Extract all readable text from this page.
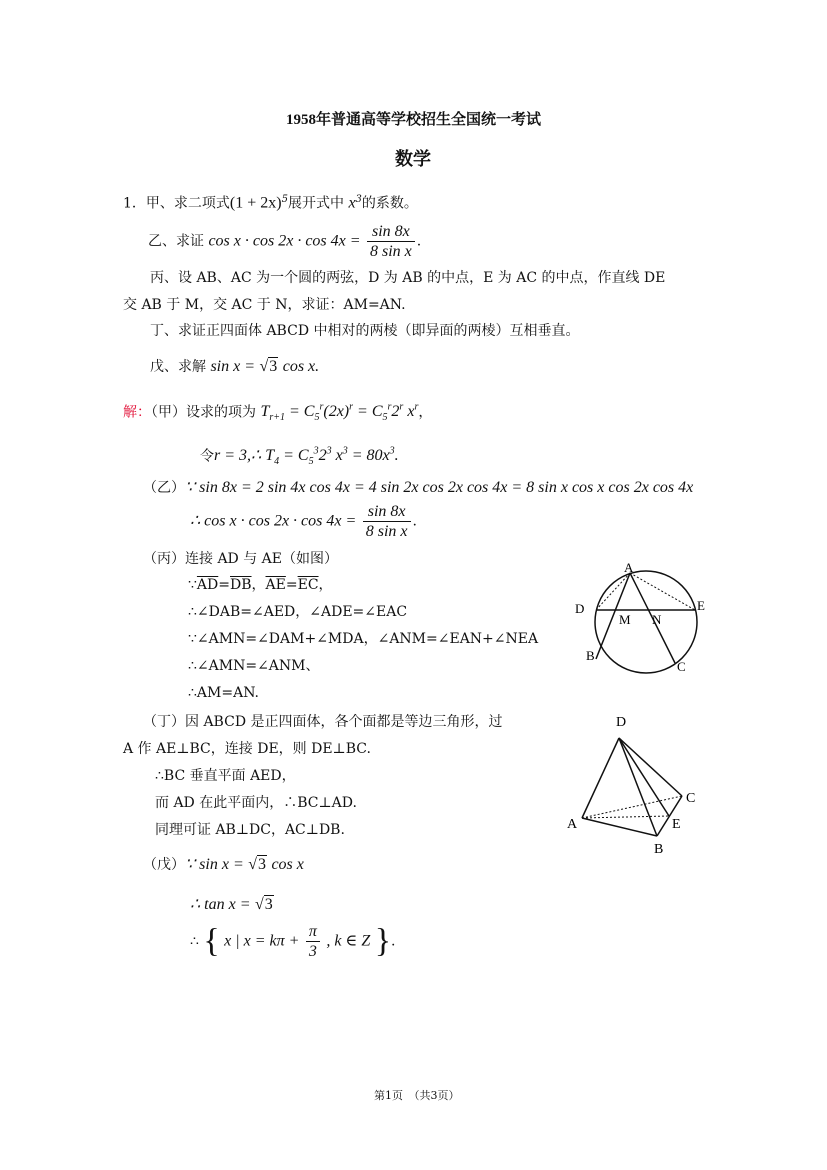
1958年普通高等学校招生全国统一考试
数学
1．甲、求二项式$(1 + 2x)^5$展开式中 $x^3$的系数。
乙、求证 $\cos x \cdot \cos 2x \cdot \cos 4x = \frac{\sin 8x}{\text{8 sin x}}$ .
丙、设 AB、AC 为一个圆的两弦，D 为 AB 的中点，E 为 AC 的中点，作直线 DE
交 AB 于 M，交 AC 于 N，求证：AM=AN.
丁、求证正四面体 ABCD 中相对的两棱（即异面的两棱）互相垂直。
戊、求解 sin x = √3 cos x.
解：（甲）设求的项为 $T_{r+1} = C_5^r(2x)^r = C_5^r2^r$ $x^r$，
令r = 3,∴ $T_4 = C_5^32^3$ $x^3 = 80x^3$.
（乙）∵ sin 8x = 2 sin 4x cos 4x = 4 sin 2x cos 2x cos 4x = 8 sin x cos x cos 2x cos 4x
∴ $\cos x \cdot \cos 2x \cdot \cos 4x = \frac{\sin 8x}{\text{8 sin x}}$ .
（丙）连接 AD 与 AE（如图）
$\because\overline{AD}=\overline{DB}$，$\overline{AE}=\overline{EC}$，
∴∠DAB=∠AED，∠ADE=∠EAC
∵∠AMN=∠DAM+∠MDA，∠ANM=∠EAN+∠NEA
∴∠AMN=∠ANM、
∴AM=AN.
A
D
M N
E
B
C
（丁）因 ABCD 是正四面体，各个面都是等边三角形，过
A 作 AE⊥BC，连接 DE，则 DE⊥BC.
∴BC 垂直平面 AED，
而 AD 在此平面内，∴BC⊥AD.
同理可证 AB⊥DC，AC⊥DB.
D
C
A	E
B
（戊）∵ sin x = √3 cos x
∴ tan x = √3
∴ { x | $x = k\pi + \frac{\pi}{3}$ , k ∈ Z }.
第1页　（共3页）
